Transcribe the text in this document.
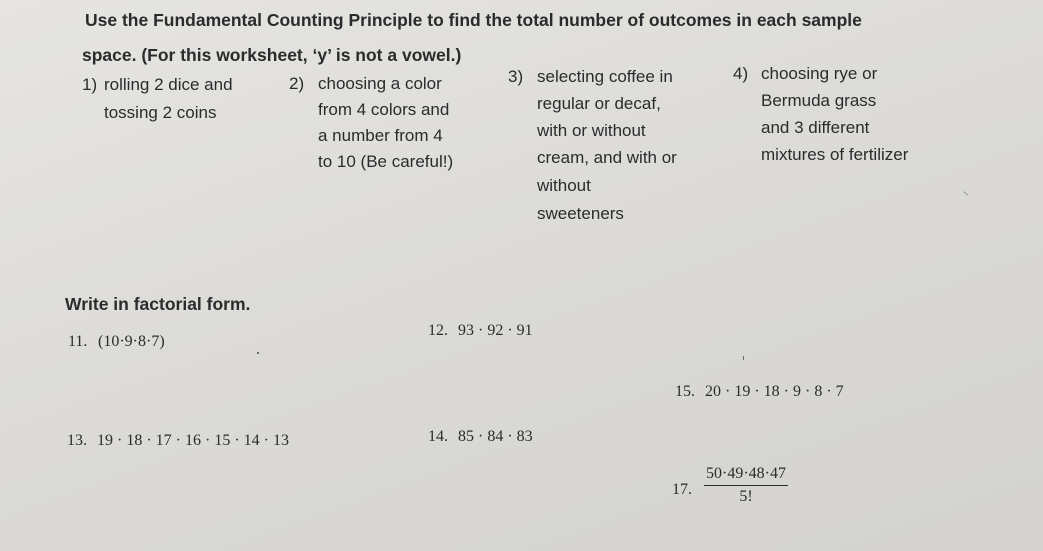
Use the Fundamental Counting Principle to find the total number of outcomes in each sample
space. (For this worksheet, ‘y’ is not a vowel.)
1) rolling 2 dice and
tossing 2 coins
2) choosing a color
from 4 colors and
a number from 4
to 10 (Be careful!)
3) selecting coffee in
regular or decaf,
with or without
cream, and with or
without
sweeteners
4) choosing rye or
Bermuda grass
and 3 different
mixtures of fertilizer
Write in factorial form.
11. (10·9·8·7)
12. 93 · 92 · 91
15. 20 · 19 · 18 · 9 · 8 · 7
13. 19 · 18 · 17 · 16 · 15 · 14 · 13	14. 85 · 84 · 83
17. $\frac{50\cdot 49\cdot 48\cdot 47}{5!}$
